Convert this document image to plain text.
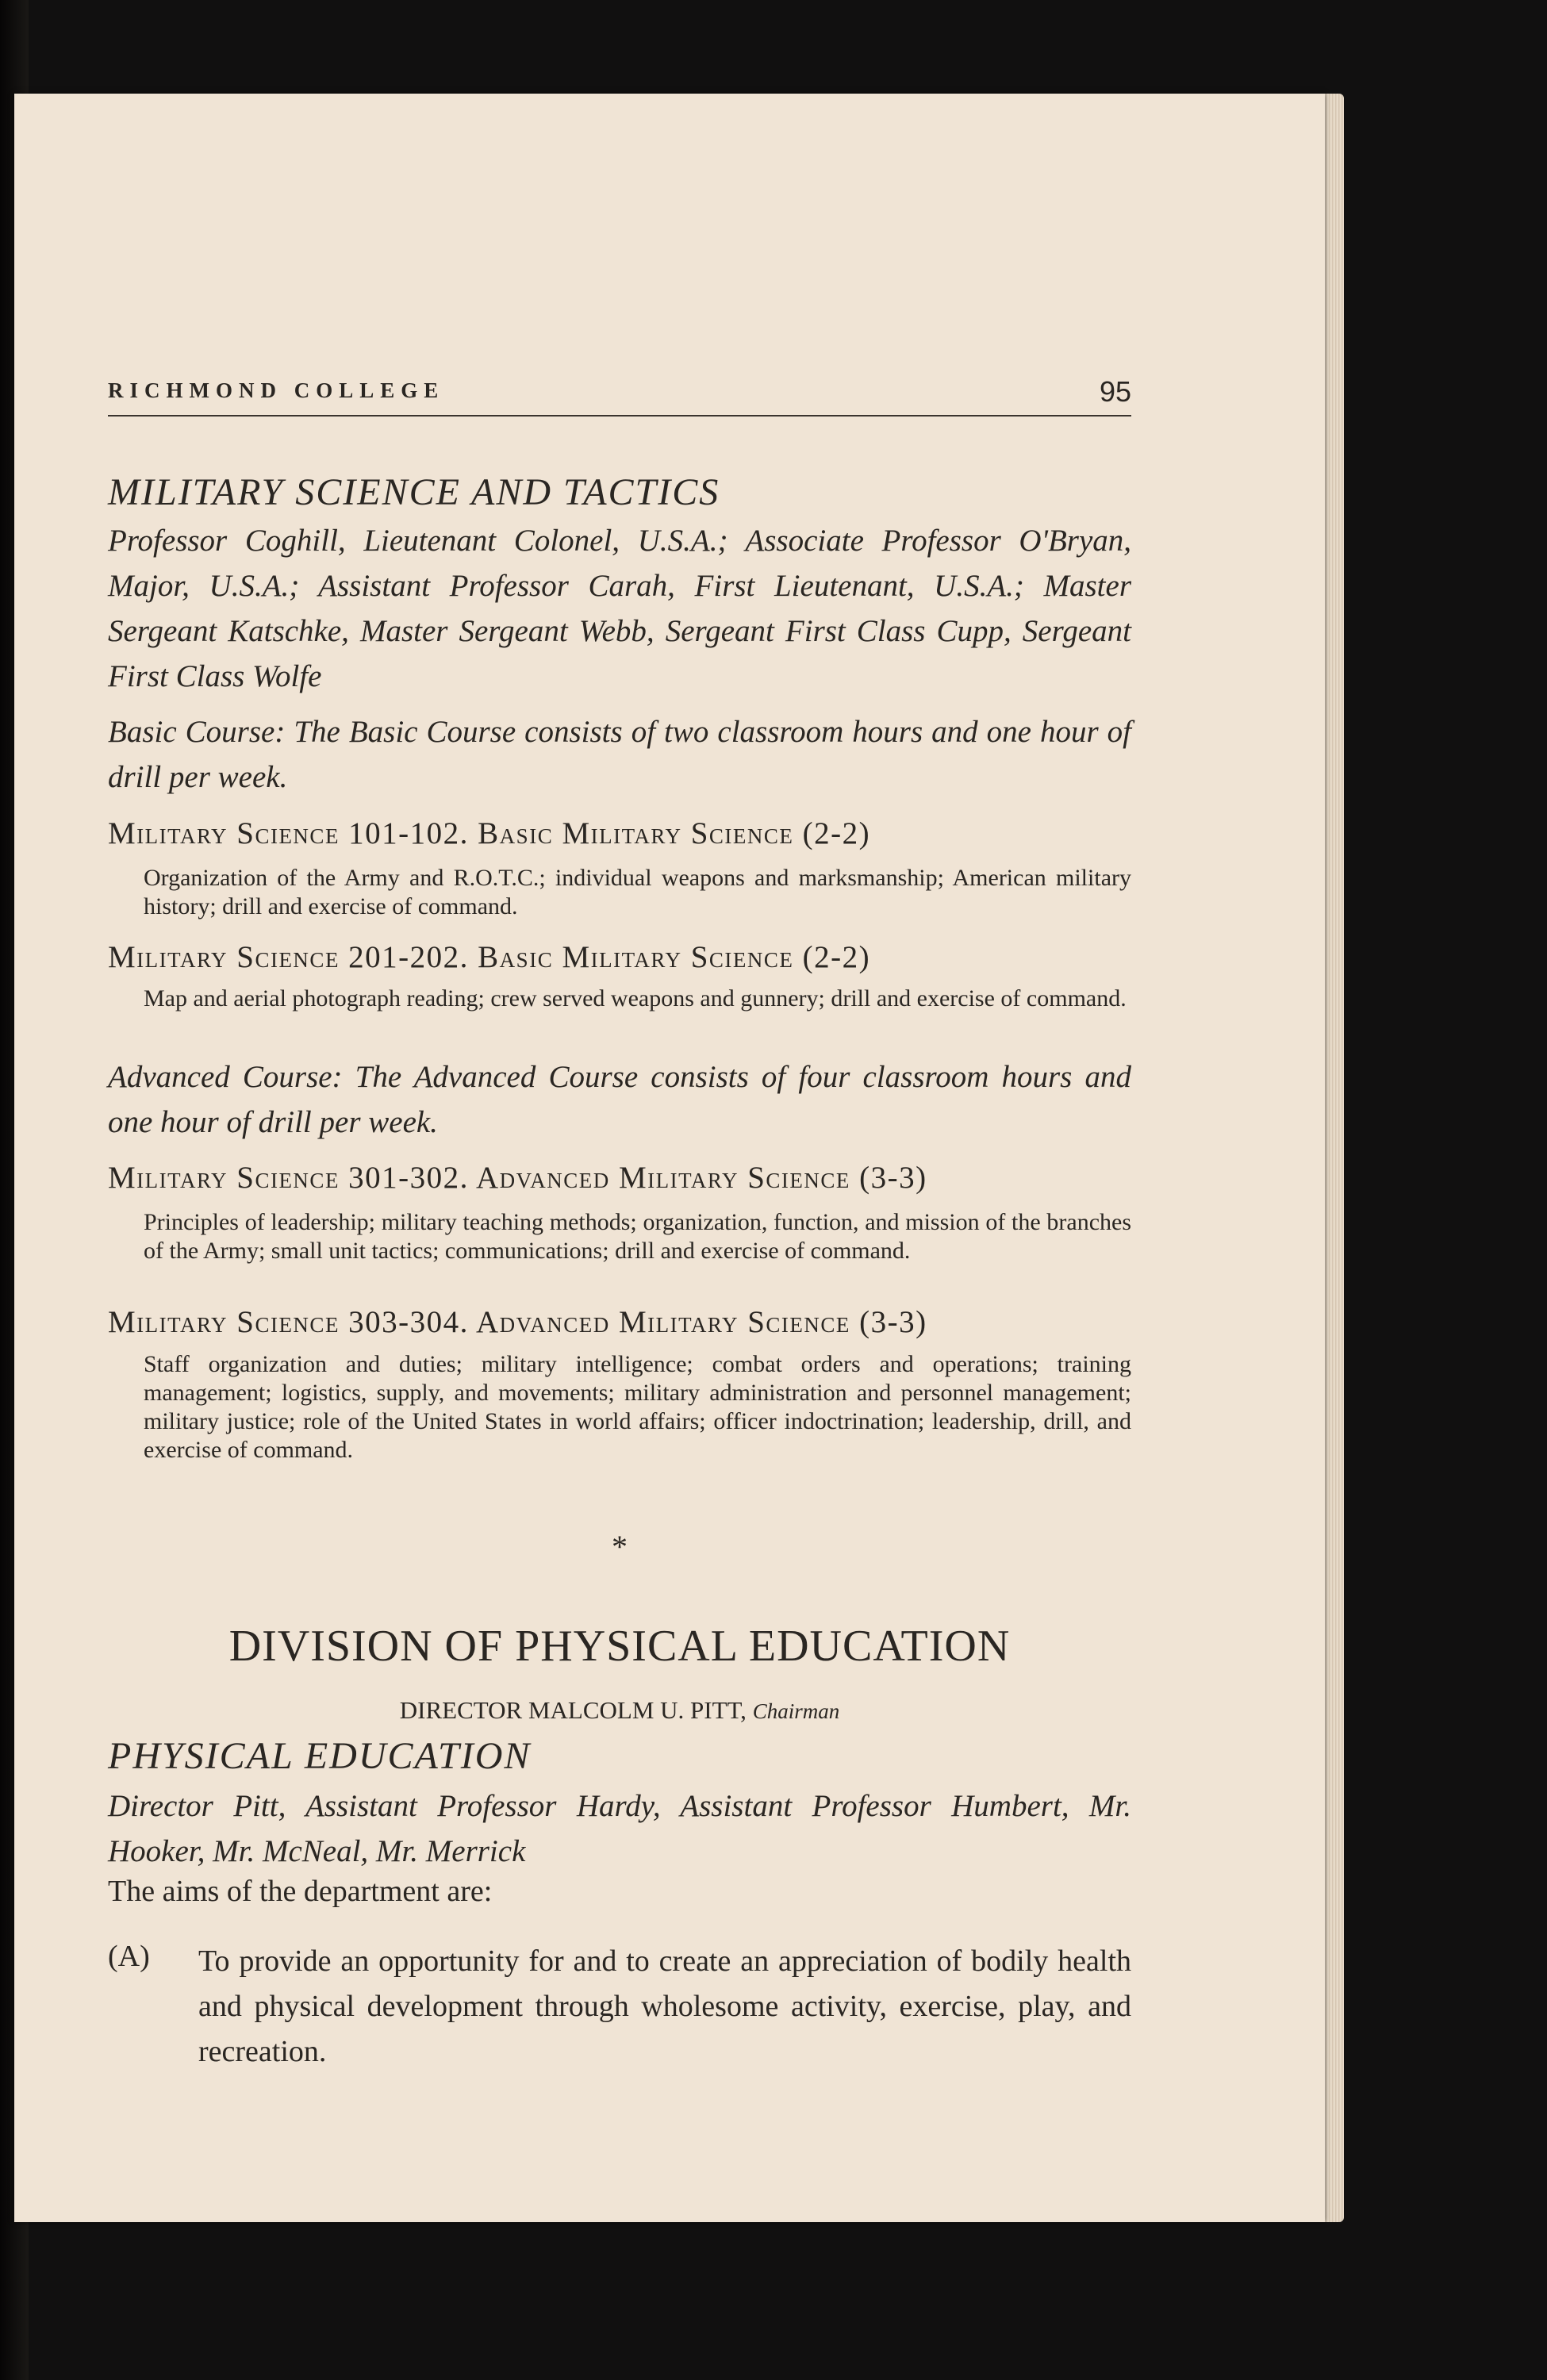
RICHMOND COLLEGE	95
MILITARY SCIENCE AND TACTICS
Professor Coghill, Lieutenant Colonel, U.S.A.; Associate Professor O'Bryan, Major, U.S.A.; Assistant Professor Carah, First Lieutenant, U.S.A.; Master Sergeant Katschke, Master Sergeant Webb, Sergeant First Class Cupp, Sergeant First Class Wolfe
Basic Course: The Basic Course consists of two classroom hours and one hour of drill per week.
Military Science 101-102. Basic Military Science (2-2)
Organization of the Army and R.O.T.C.; individual weapons and marksmanship; American military history; drill and exercise of command.
Military Science 201-202. Basic Military Science (2-2)
Map and aerial photograph reading; crew served weapons and gunnery; drill and exercise of command.
Advanced Course: The Advanced Course consists of four classroom hours and one hour of drill per week.
Military Science 301-302. Advanced Military Science (3-3)
Principles of leadership; military teaching methods; organization, function, and mission of the branches of the Army; small unit tactics; communications; drill and exercise of command.
Military Science 303-304. Advanced Military Science (3-3)
Staff organization and duties; military intelligence; combat orders and operations; training management; logistics, supply, and movements; military administration and personnel management; military justice; role of the United States in world affairs; officer indoctrination; leadership, drill, and exercise of command.
*
DIVISION OF PHYSICAL EDUCATION
DIRECTOR MALCOLM U. PITT, Chairman
PHYSICAL EDUCATION
Director Pitt, Assistant Professor Hardy, Assistant Professor Humbert, Mr. Hooker, Mr. McNeal, Mr. Merrick
The aims of the department are:
(A) To provide an opportunity for and to create an appreciation of bodily health and physical development through wholesome activity, exercise, play, and recreation.
